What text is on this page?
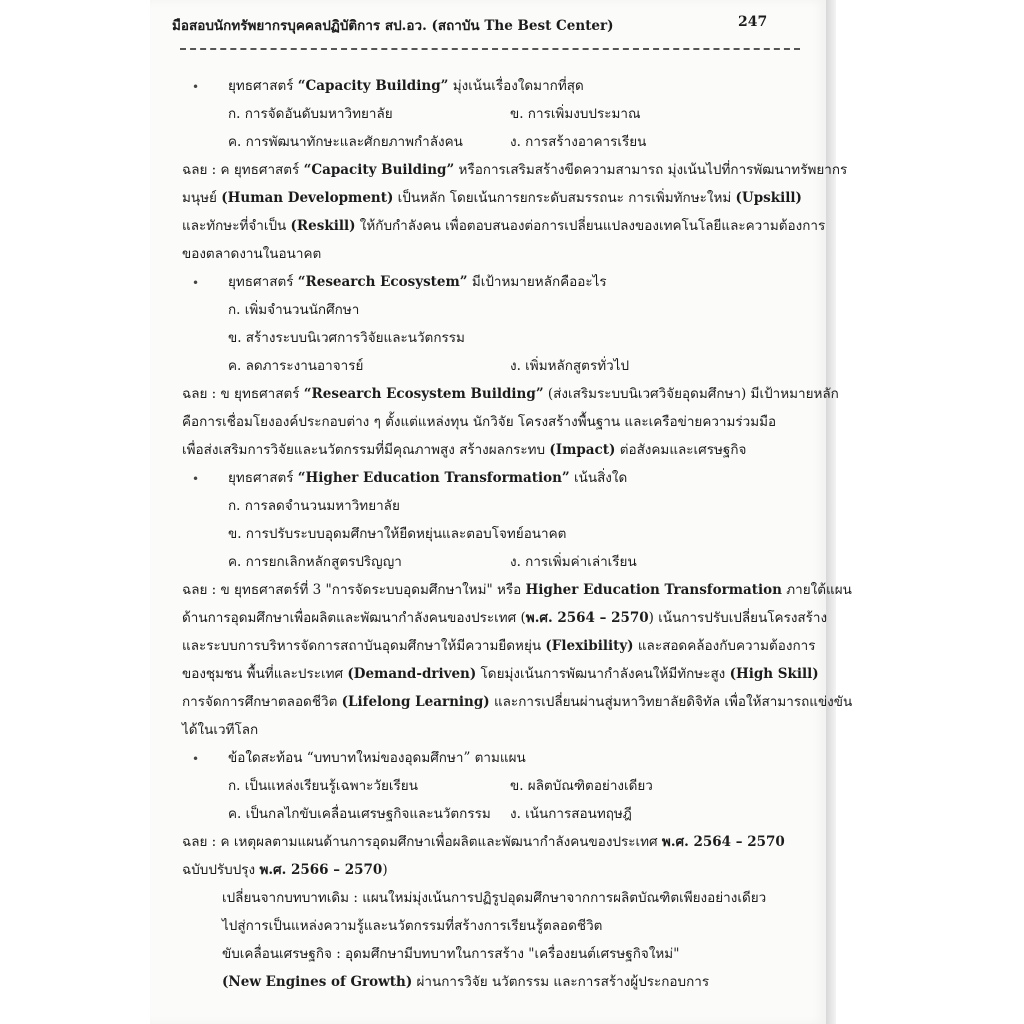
มือสอบนักทรัพยากรบุคคลปฏิบัติการ สป.อว. (สถาบัน The Best Center)	247
• ยุทธศาสตร์ “Capacity Building” มุ่งเน้นเรื่องใดมากที่สุด
ก. การจัดอันดับมหาวิทยาลัย	ข. การเพิ่มงบประมาณ
ค. การพัฒนาทักษะและศักยภาพกำลังคน	ง. การสร้างอาคารเรียน
ฉลย : ค ยุทธศาสตร์ “Capacity Building” หรือการเสริมสร้างขีดความสามารถ มุ่งเน้นไปที่การพัฒนาทรัพยากร
มนุษย์ (Human Development) เป็นหลัก โดยเน้นการยกระดับสมรรถนะ การเพิ่มทักษะใหม่ (Upskill)
และทักษะที่จำเป็น (Reskill) ให้กับกำลังคน เพื่อตอบสนองต่อการเปลี่ยนแปลงของเทคโนโลยีและความต้องการ
ของตลาดงานในอนาคต
• ยุทธศาสตร์ “Research Ecosystem” มีเป้าหมายหลักคืออะไร
ก. เพิ่มจำนวนนักศึกษา
ข. สร้างระบบนิเวศการวิจัยและนวัตกรรม
ค. ลดภาระงานอาจารย์	ง. เพิ่มหลักสูตรทั่วไป
ฉลย : ข ยุทธศาสตร์ “Research Ecosystem Building” (ส่งเสริมระบบนิเวศวิจัยอุดมศึกษา) มีเป้าหมายหลัก
คือการเชื่อมโยงองค์ประกอบต่าง ๆ ตั้งแต่แหล่งทุน นักวิจัย โครงสร้างพื้นฐาน และเครือข่ายความร่วมมือ
เพื่อส่งเสริมการวิจัยและนวัตกรรมที่มีคุณภาพสูง สร้างผลกระทบ (Impact) ต่อสังคมและเศรษฐกิจ
• ยุทธศาสตร์ “Higher Education Transformation” เน้นสิ่งใด
ก. การลดจำนวนมหาวิทยาลัย
ข. การปรับระบบอุดมศึกษาให้ยืดหยุ่นและตอบโจทย์อนาคต
ค. การยกเลิกหลักสูตรปริญญา	ง. การเพิ่มค่าเล่าเรียน
ฉลย : ข ยุทธศาสตร์ที่ 3 "การจัดระบบอุดมศึกษาใหม่" หรือ Higher Education Transformation ภายใต้แผน
ด้านการอุดมศึกษาเพื่อผลิตและพัฒนากำลังคนของประเทศ (พ.ศ. 2564 – 2570) เน้นการปรับเปลี่ยนโครงสร้าง
และระบบการบริหารจัดการสถาบันอุดมศึกษาให้มีความยืดหยุ่น (Flexibility) และสอดคล้องกับความต้องการ
ของชุมชน พื้นที่และประเทศ (Demand-driven) โดยมุ่งเน้นการพัฒนากำลังคนให้มีทักษะสูง (High Skill)
การจัดการศึกษาตลอดชีวิต (Lifelong Learning) และการเปลี่ยนผ่านสู่มหาวิทยาลัยดิจิทัล เพื่อให้สามารถแข่งขัน
ได้ในเวทีโลก
• ข้อใดสะท้อน “บทบาทใหม่ของอุดมศึกษา” ตามแผน
ก. เป็นแหล่งเรียนรู้เฉพาะวัยเรียน	ข. ผลิตบัณฑิตอย่างเดียว
ค. เป็นกลไกขับเคลื่อนเศรษฐกิจและนวัตกรรม ง. เน้นการสอนทฤษฎี
ฉลย : ค เหตุผลตามแผนด้านการอุดมศึกษาเพื่อผลิตและพัฒนากำลังคนของประเทศ พ.ศ. 2564 – 2570
ฉบับปรับปรุง พ.ศ. 2566 – 2570)
เปลี่ยนจากบทบาทเดิม : แผนใหม่มุ่งเน้นการปฏิรูปอุดมศึกษาจากการผลิตบัณฑิตเพียงอย่างเดียว
ไปสู่การเป็นแหล่งความรู้และนวัตกรรมที่สร้างการเรียนรู้ตลอดชีวิต
ขับเคลื่อนเศรษฐกิจ : อุดมศึกษามีบทบาทในการสร้าง "เครื่องยนต์เศรษฐกิจใหม่"
(New Engines of Growth) ผ่านการวิจัย นวัตกรรม และการสร้างผู้ประกอบการ
